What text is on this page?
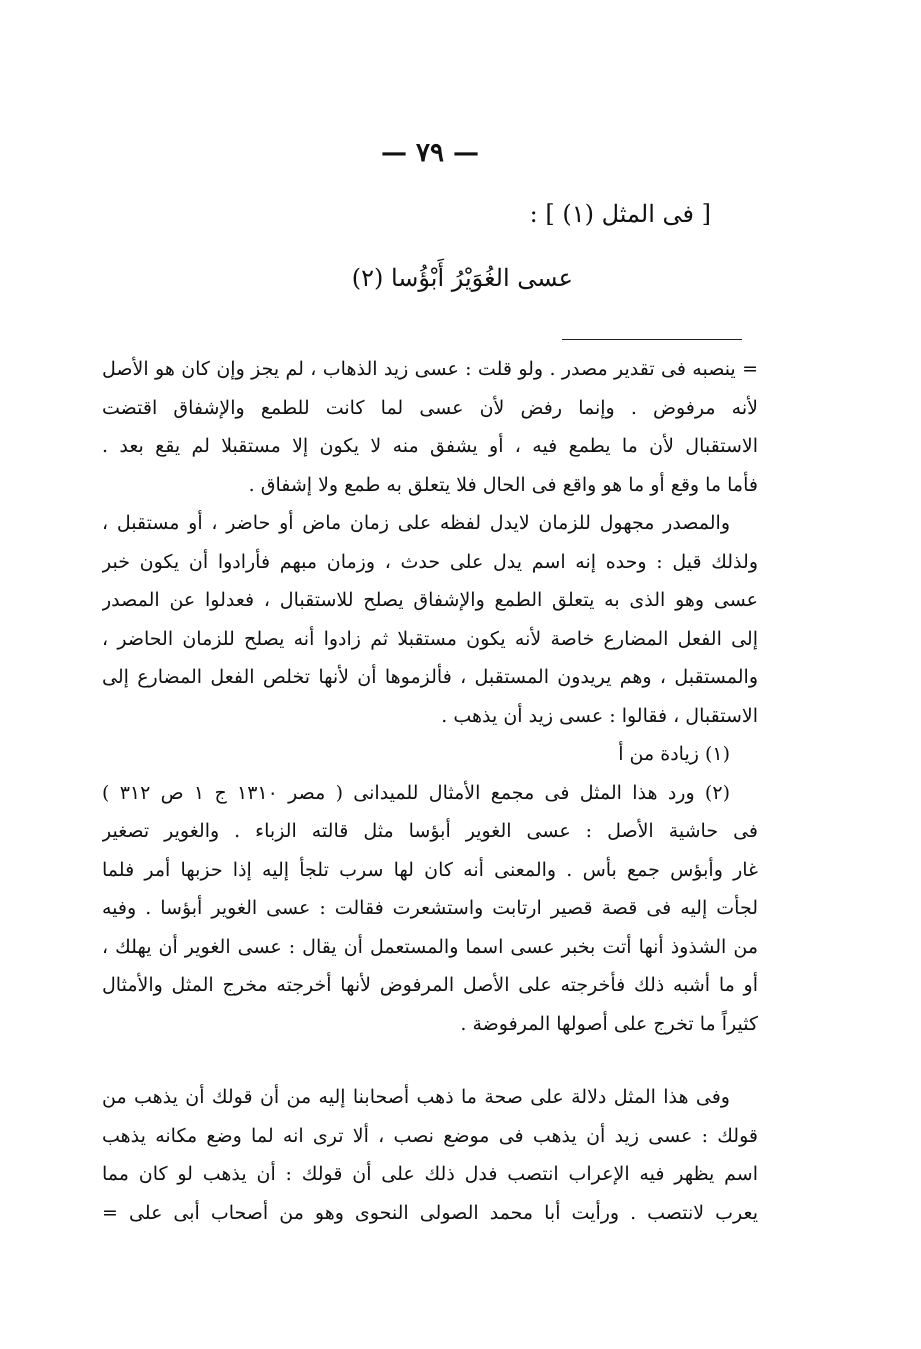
— ٧٩ —
[ فى المثل (١) ] :
عسى الغُوَيْرُ أَبْؤُسا (٢)
= ينصبه فى تقدير مصدر . ولو قلت : عسى زيد الذهاب ، لم يجز وإن كان هو الأصل
لأنه مرفوض . وإنما رفض لأن عسى لما كانت للطمع والإشفاق اقتضت
الاستقبال لأن ما يطمع فيه ، أو يشفق منه لا يكون إلا مستقبلا لم يقع بعد .
فأما ما وقع أو ما هو واقع فى الحال فلا يتعلق به طمع ولا إشفاق .
والمصدر مجهول للزمان لايدل لفظه على زمان ماض أو حاضر ، أو مستقبل ،
ولذلك قيل : وحده إنه اسم يدل على حدث ، وزمان مبهم فأرادوا أن يكون خبر
عسى وهو الذى به يتعلق الطمع والإشفاق يصلح للاستقبال ، فعدلوا عن المصدر
إلى الفعل المضارع خاصة لأنه يكون مستقبلا ثم زادوا أنه يصلح للزمان الحاضر ،
والمستقبل ، وهم يريدون المستقبل ، فألزموها أن لأنها تخلص الفعل المضارع إلى
الاستقبال ، فقالوا : عسى زيد أن يذهب .
(١) زيادة من أ
(٢) ورد هذا المثل فى مجمع الأمثال للميدانى ( مصر ١٣١٠ ج ١ ص ٣١٢ )
فى حاشية الأصل : عسى الغوير أبؤسا مثل قالته الزباء . والغوير تصغير
غار وأبؤس جمع بأس . والمعنى أنه كان لها سرب تلجأ إليه إذا حزبها أمر فلما
لجأت إليه فى قصة قصير ارتابت واستشعرت فقالت : عسى الغوير أبؤسا . وفيه
من الشذوذ أنها أتت بخبر عسى اسما والمستعمل أن يقال : عسى الغوير أن يهلك ،
أو ما أشبه ذلك فأخرجته على الأصل المرفوض لأنها أخرجته مخرج المثل والأمثال
كثيراً ما تخرج على أصولها المرفوضة .
وفى هذا المثل دلالة على صحة ما ذهب أصحابنا إليه من أن قولك أن يذهب من
قولك : عسى زيد أن يذهب فى موضع نصب ، ألا ترى انه لما وضع مكانه يذهب
اسم يظهر فيه الإعراب انتصب فدل ذلك على أن قولك : أن يذهب لو كان مما
يعرب لانتصب . ورأيت أبا محمد الصولى النحوى وهو من أصحاب أبى على =
